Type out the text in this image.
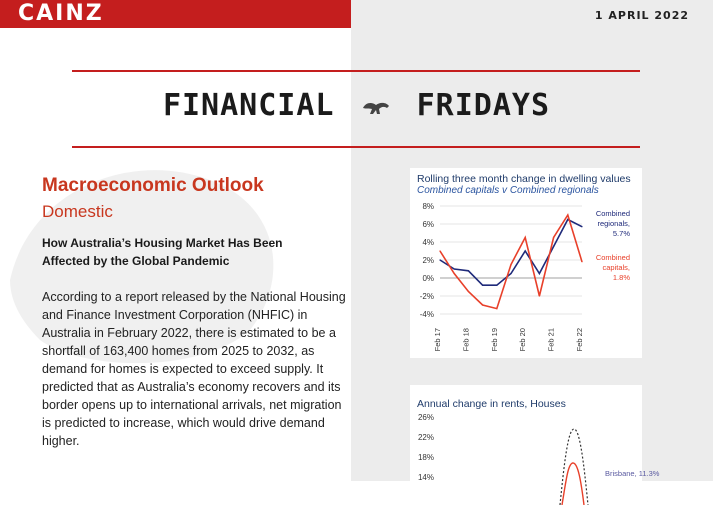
CAINZ	1 APRIL 2022
FINANCIAL	FRIDAYS
Macroeconomic Outlook
Domestic
How Australia’s Housing Market Has Been Affected by the Global Pandemic
According to a report released by the National Housing and Finance Investment Corporation (NHFIC) in Australia in February 2022, there is estimated to be a shortfall of 163,400 homes from 2025 to 2032, as demand for homes is expected to exceed supply. It predicted that as Australia’s economy recovers and its border opens up to international arrivals, net migration is predicted to increase, which would drive demand higher.
Rolling three month change in dwelling values
Combined capitals v Combined regionals
8%
6%
4%
2%
0%
-2%
-4%
Feb 17	Feb 18	Feb 19	Feb 20	Feb 21	Feb 22
Combined
regionals,
5.7%
Combined
capitals,
1.8%
Annual change in rents, Houses
26%
22%
18%
14%	Brisbane, 11.3%
